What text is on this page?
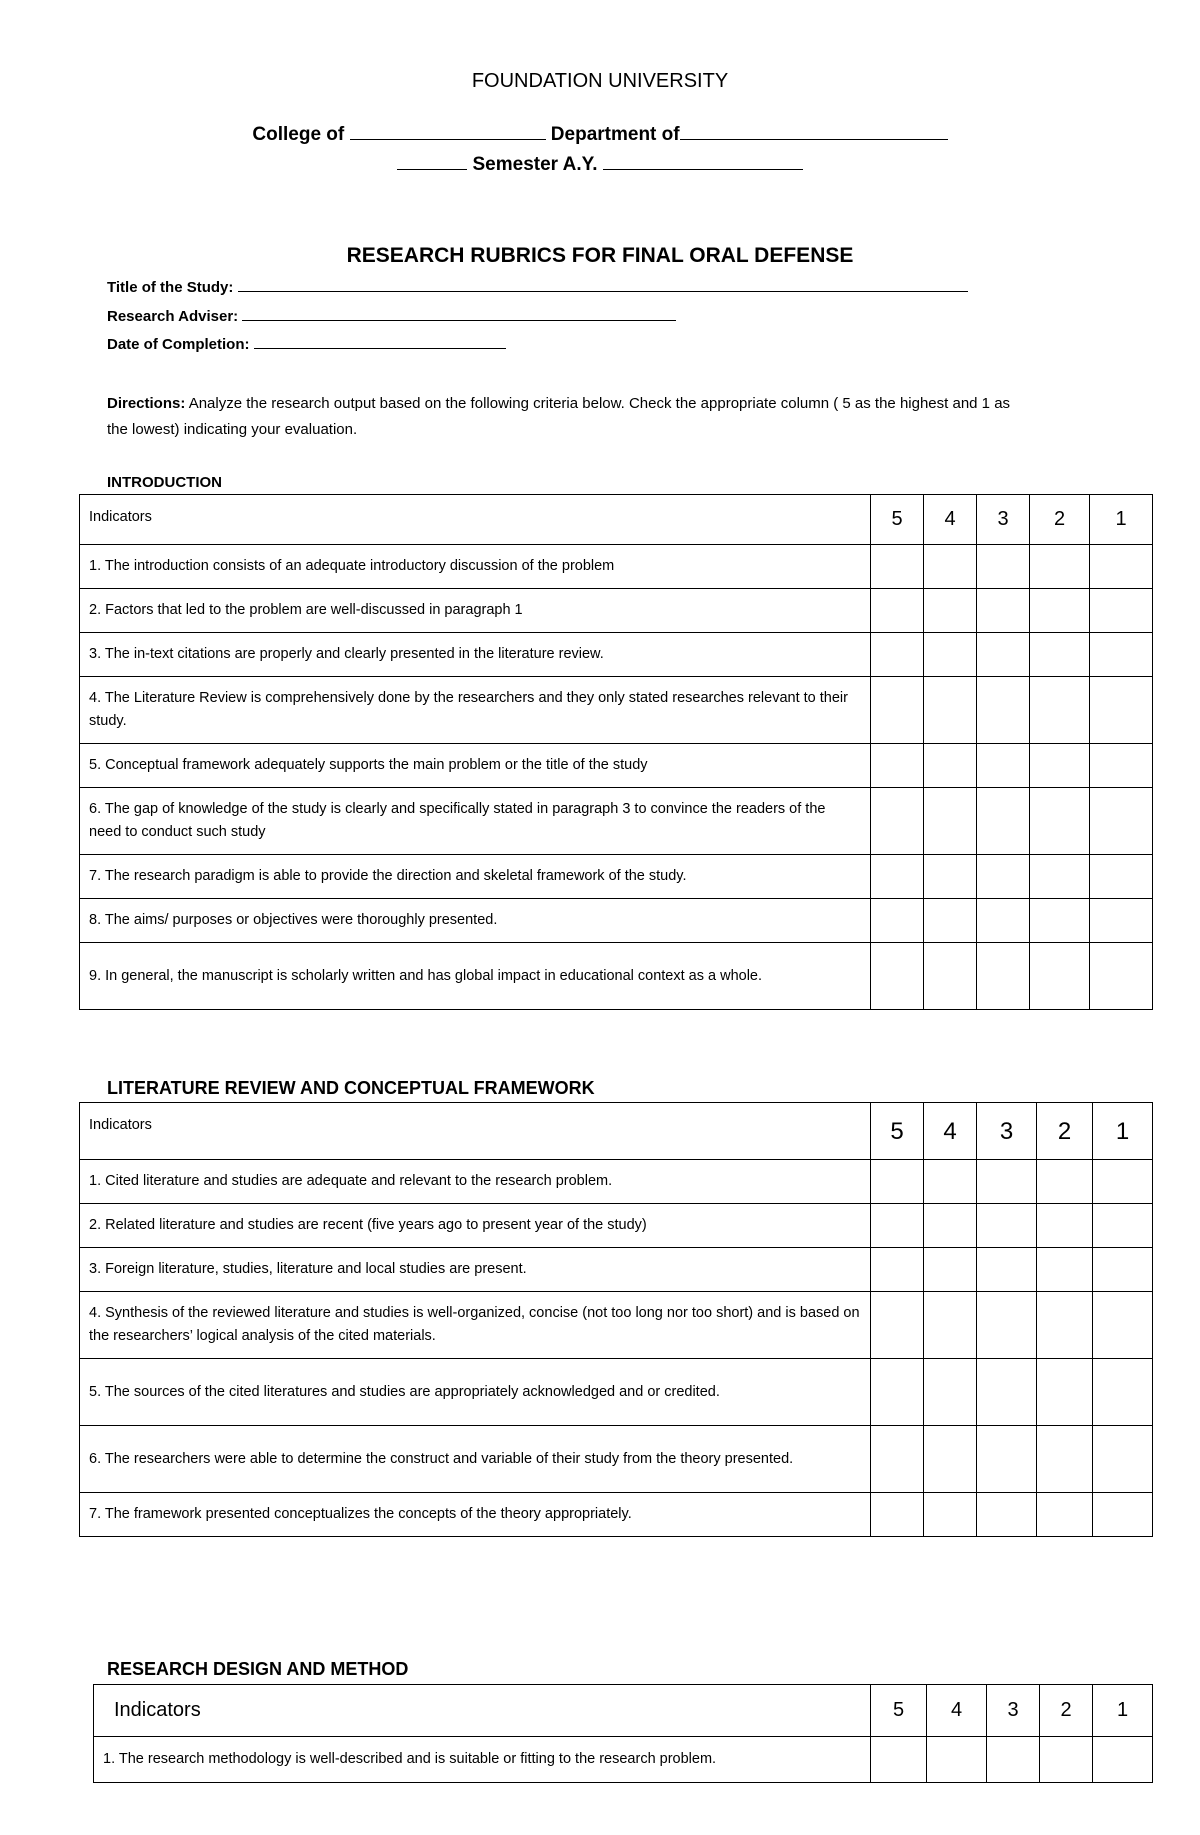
FOUNDATION UNIVERSITY
College of	Department of
Semester A.Y.
RESEARCH RUBRICS FOR FINAL ORAL DEFENSE
Title of the Study:
Research Adviser:
Date of Completion:
Directions: Analyze the research output based on the following criteria below. Check the appropriate column ( 5 as the highest and 1 as the lowest) indicating your evaluation.
INTRODUCTION
Indicators	5	4	3	2	1
1. The introduction consists of an adequate introductory discussion of the problem					
2. Factors that led to the problem are well-discussed in paragraph 1					
3. The in-text citations are properly and clearly presented in the literature review.					
4. The Literature Review is comprehensively done by the researchers and they only stated researches relevant to their study.					
5. Conceptual framework adequately supports the main problem or the title of the study					
6. The gap of knowledge of the study is clearly and specifically stated in paragraph 3 to convince the readers of the need to conduct such study					
7. The research paradigm is able to provide the direction and skeletal framework of the study.					
8. The aims/ purposes or objectives were thoroughly presented.					
9. In general, the manuscript is scholarly written and has global impact in educational context as a whole.					
LITERATURE REVIEW AND CONCEPTUAL FRAMEWORK
Indicators	5	4	3	2	1
1. Cited literature and studies are adequate and relevant to the research problem.					
2. Related literature and studies are recent (five years ago to present year of the study)					
3. Foreign literature, studies, literature and local studies are present.					
4. Synthesis of the reviewed literature and studies is well-organized, concise (not too long nor too short) and is based on the researchers’ logical analysis of the cited materials.					
5. The sources of the cited literatures and studies are appropriately acknowledged and or credited.					
6. The researchers were able to determine the construct and variable of their study from the theory presented.					
7. The framework presented conceptualizes the concepts of the theory appropriately.					
RESEARCH DESIGN AND METHOD
Indicators	5	4	3	2	1
1. The research methodology is well-described and is suitable or fitting to the research problem.					
